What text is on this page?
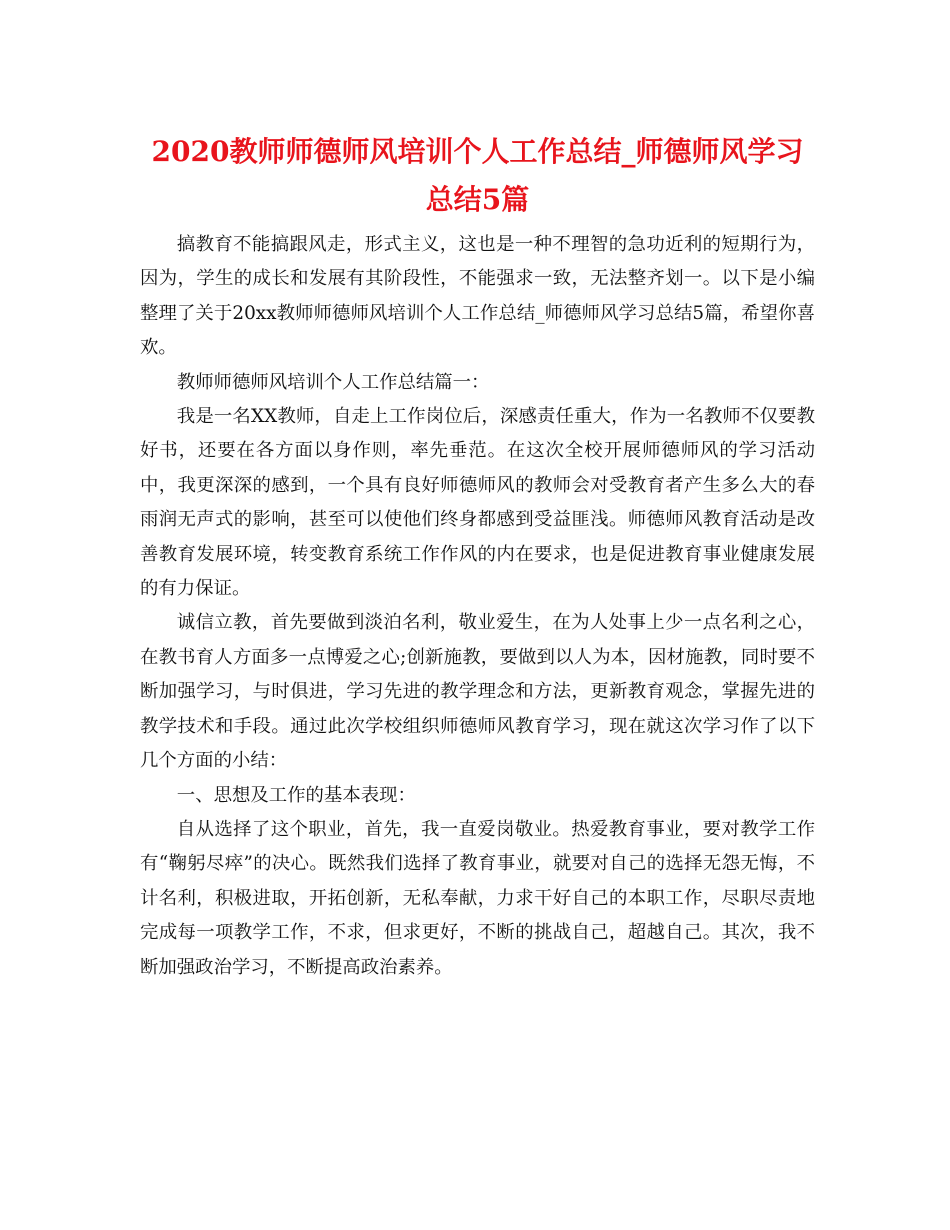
2020教师师德师风培训个人工作总结_师德师风学习总结5篇

搞教育不能搞跟风走，形式主义，这也是一种不理智的急功近利的短期行为，因为，学生的成长和发展有其阶段性，不能强求一致，无法整齐划一。以下是小编整理了关于20xx教师师德师风培训个人工作总结_师德师风学习总结5篇，希望你喜欢。

教师师德师风培训个人工作总结篇一：

我是一名XX教师，自走上工作岗位后，深感责任重大，作为一名教师不仅要教好书，还要在各方面以身作则，率先垂范。在这次全校开展师德师风的学习活动中，我更深深的感到，一个具有良好师德师风的教师会对受教育者产生多么大的春雨润无声式的影响，甚至可以使他们终身都感到受益匪浅。师德师风教育活动是改善教育发展环境，转变教育系统工作作风的内在要求，也是促进教育事业健康发展的有力保证。

诚信立教，首先要做到淡泊名利，敬业爱生，在为人处事上少一点名利之心，在教书育人方面多一点博爱之心;创新施教，要做到以人为本，因材施教，同时要不断加强学习，与时俱进，学习先进的教学理念和方法，更新教育观念，掌握先进的教学技术和手段。通过此次学校组织师德师风教育学习，现在就这次学习作了以下几个方面的小结：

一、思想及工作的基本表现：

自从选择了这个职业，首先，我一直爱岗敬业。热爱教育事业，要对教学工作有“鞠躬尽瘁”的决心。既然我们选择了教育事业，就要对自己的选择无怨无悔，不计名利，积极进取，开拓创新，无私奉献，力求干好自己的本职工作，尽职尽责地完成每一项教学工作，不求，但求更好，不断的挑战自己，超越自己。其次，我不断加强政治学习，不断提高政治素养。
